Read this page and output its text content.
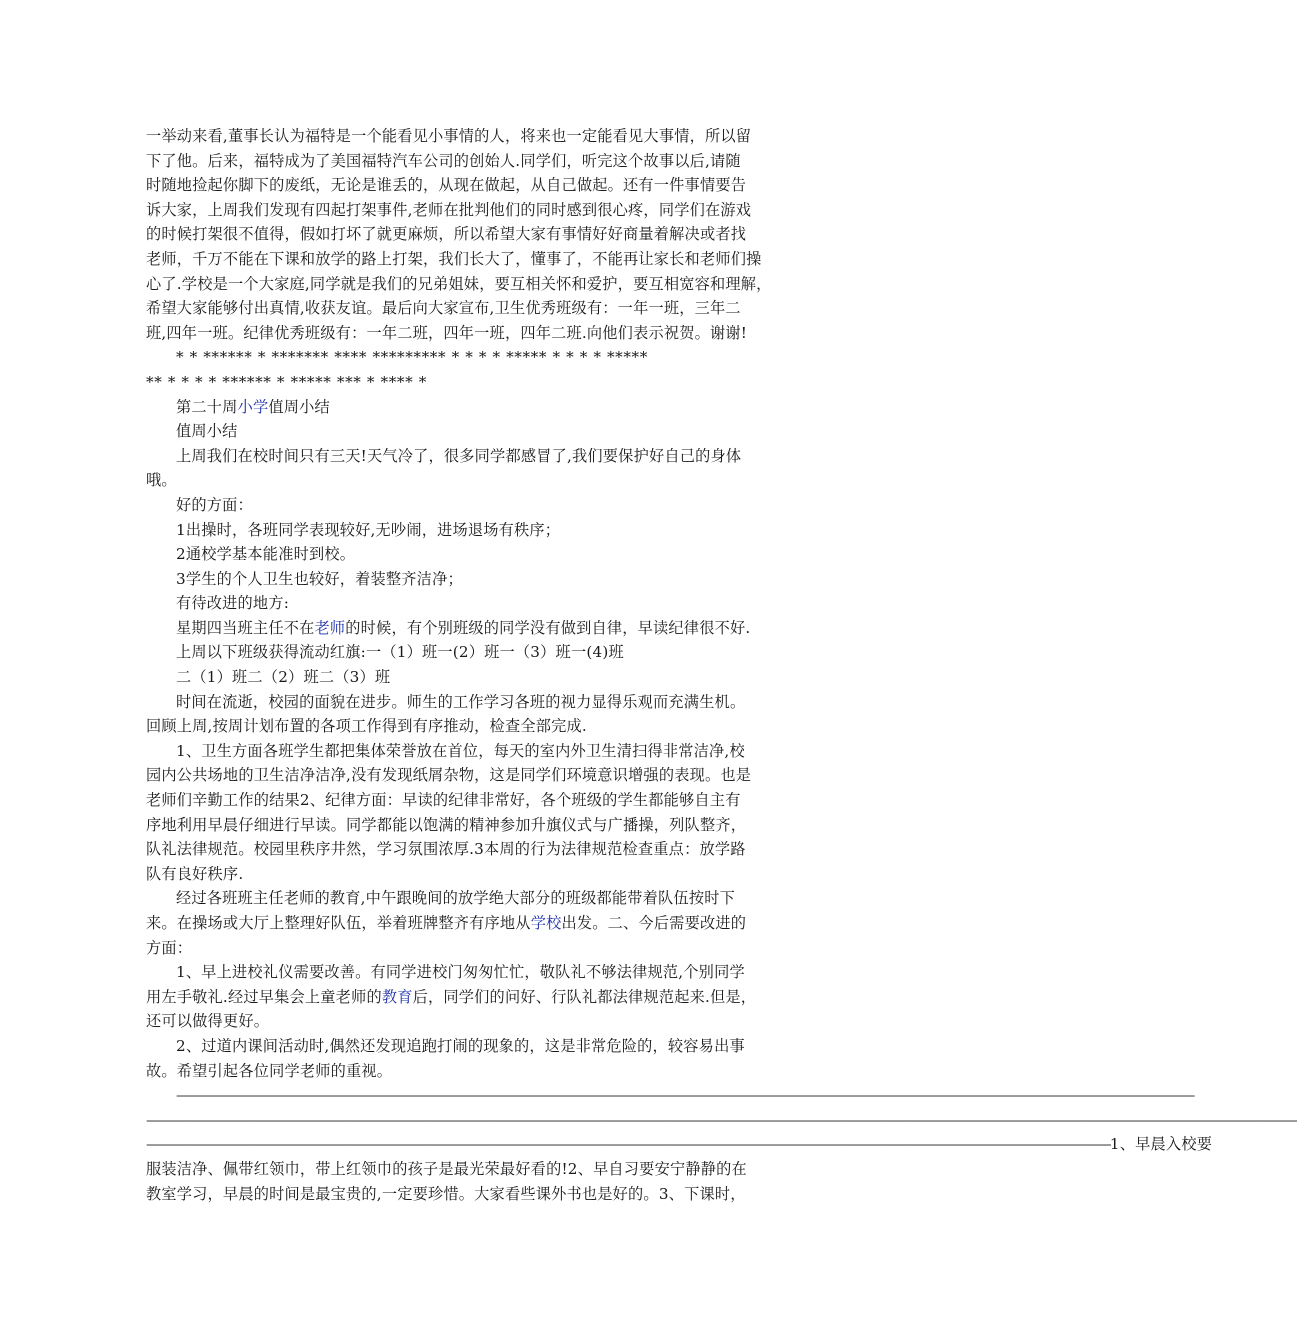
一举动来看,董事长认为福特是一个能看见小事情的人，将来也一定能看见大事情，所以留
下了他。后来，福特成为了美国福特汽车公司的创始人.同学们，听完这个故事以后,请随
时随地捡起你脚下的废纸，无论是谁丢的，从现在做起，从自己做起。还有一件事情要告
诉大家，上周我们发现有四起打架事件,老师在批判他们的同时感到很心疼，同学们在游戏
的时候打架很不值得，假如打坏了就更麻烦，所以希望大家有事情好好商量着解决或者找
老师，千万不能在下课和放学的路上打架，我们长大了，懂事了，不能再让家长和老师们操
心了.学校是一个大家庭,同学就是我们的兄弟姐妹，要互相关怀和爱护，要互相宽容和理解，
希望大家能够付出真情,收获友谊。最后向大家宣布,卫生优秀班级有：一年一班，三年二
班,四年一班。纪律优秀班级有：一年二班，四年一班，四年二班.向他们表示祝贺。谢谢!
* * ****** * ******* **** ********* * * * * ***** * * * * *****
** * * * * ****** * ***** *** * **** *
第二十周小学值周小结
值周小结
上周我们在校时间只有三天!天气冷了，很多同学都感冒了,我们要保护好自己的身体
哦。
好的方面：
1出操时，各班同学表现较好,无吵闹，进场退场有秩序；
2通校学基本能准时到校。
3学生的个人卫生也较好，着装整齐洁净；
有待改进的地方:
星期四当班主任不在老师的时候，有个别班级的同学没有做到自律，早读纪律很不好.
上周以下班级获得流动红旗:一（1）班一(2）班一（3）班一(4)班
二（1）班二（2）班二（3）班
时间在流逝，校园的面貌在进步。师生的工作学习各班的视力显得乐观而充满生机。
回顾上周,按周计划布置的各项工作得到有序推动，检查全部完成.
1、卫生方面各班学生都把集体荣誉放在首位，每天的室内外卫生清扫得非常洁净,校
园内公共场地的卫生洁净洁净,没有发现纸屑杂物，这是同学们环境意识增强的表现。也是
老师们辛勤工作的结果2、纪律方面：早读的纪律非常好，各个班级的学生都能够自主有
序地利用早晨仔细进行早读。同学都能以饱满的精神参加升旗仪式与广播操，列队整齐，
队礼法律规范。校园里秩序井然，学习氛围浓厚.3本周的行为法律规范检查重点：放学路
队有良好秩序.
经过各班班主任老师的教育,中午跟晚间的放学绝大部分的班级都能带着队伍按时下
来。在操场或大厅上整理好队伍，举着班牌整齐有序地从学校出发。二、今后需要改进的
方面：
1、早上进校礼仪需要改善。有同学进校门匆匆忙忙，敬队礼不够法律规范,个别同学
用左手敬礼.经过早集会上童老师的教育后，同学们的问好、行队礼都法律规范起来.但是，
还可以做得更好。
2、过道内课间活动时,偶然还发现追跑打闹的现象的，这是非常危险的，较容易出事
故。希望引起各位同学老师的重视。
————————————————————————————————————————————————————————————————————————————
——————————————————————————————————————————————————————————————————————————————————————
————————————————————————————————————————————————————————————————————————1、早晨入校要
服装洁净、佩带红领巾，带上红领巾的孩子是最光荣最好看的!2、早自习要安宁静静的在
教室学习，早晨的时间是最宝贵的,一定要珍惜。大家看些课外书也是好的。3、下课时，
